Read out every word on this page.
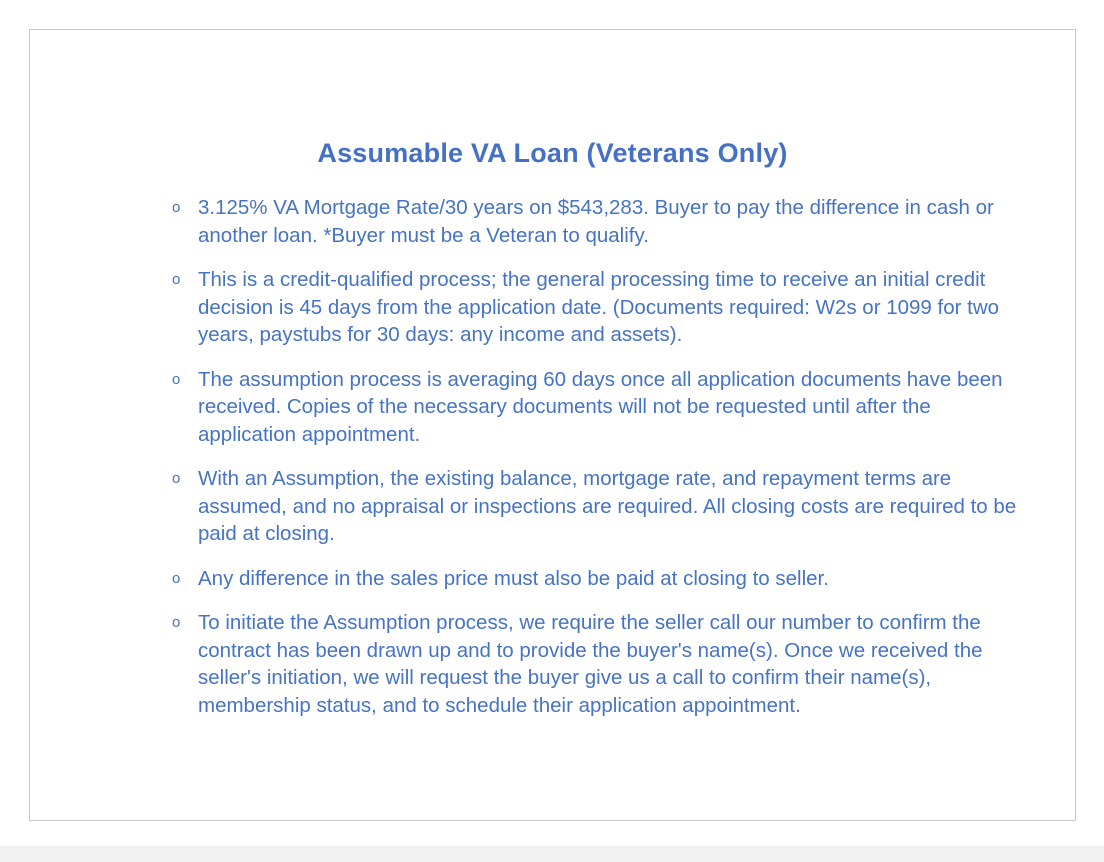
Assumable VA Loan (Veterans Only)
o 3.125% VA Mortgage Rate/30 years on $543,283. Buyer to pay the difference in cash or another loan. *Buyer must be a Veteran to qualify.
o This is a credit-qualified process; the general processing time to receive an initial credit decision is 45 days from the application date. (Documents required: W2s or 1099 for two years, paystubs for 30 days: any income and assets).
o The assumption process is averaging 60 days once all application documents have been received. Copies of the necessary documents will not be requested until after the application appointment.
o With an Assumption, the existing balance, mortgage rate, and repayment terms are assumed, and no appraisal or inspections are required. All closing costs are required to be paid at closing.
o Any difference in the sales price must also be paid at closing to seller.
o To initiate the Assumption process, we require the seller call our number to confirm the contract has been drawn up and to provide the buyer's name(s). Once we received the seller's initiation, we will request the buyer give us a call to confirm their name(s), membership status, and to schedule their application appointment.
